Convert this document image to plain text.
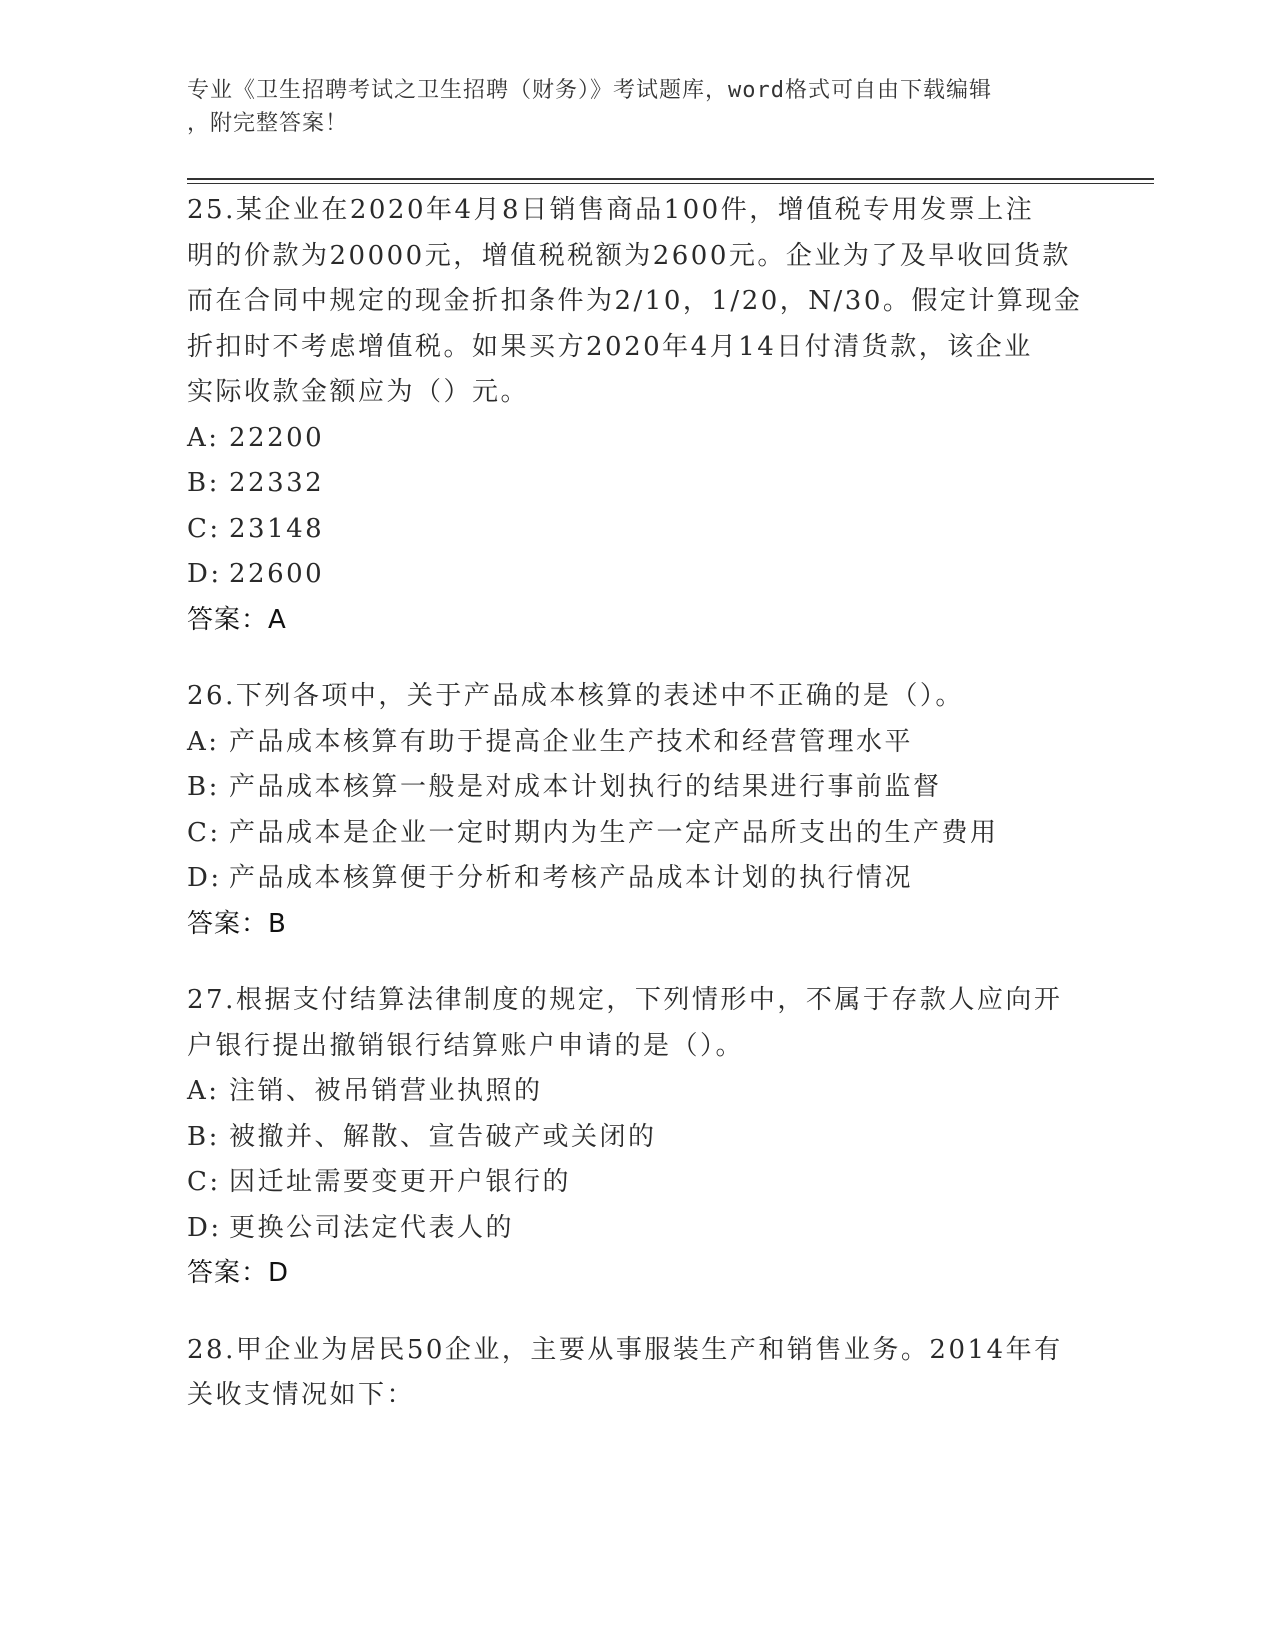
专业《卫生招聘考试之卫生招聘（财务）》考试题库，word格式可自由下载编辑
，附完整答案！
25.某企业在2020年4月8日销售商品100件，增值税专用发票上注
明的价款为20000元，增值税税额为2600元。企业为了及早收回货款
而在合同中规定的现金折扣条件为2/10，1/20，N/30。假定计算现金
折扣时不考虑增值税。如果买方2020年4月14日付清货款，该企业
实际收款金额应为（）元。
A: 22200
B: 22332
C: 23148
D: 22600
答案：A
26.下列各项中，关于产品成本核算的表述中不正确的是（）。
A: 产品成本核算有助于提高企业生产技术和经营管理水平
B: 产品成本核算一般是对成本计划执行的结果进行事前监督
C: 产品成本是企业一定时期内为生产一定产品所支出的生产费用
D: 产品成本核算便于分析和考核产品成本计划的执行情况
答案：B
27.根据支付结算法律制度的规定，下列情形中，不属于存款人应向开
户银行提出撤销银行结算账户申请的是（）。
A: 注销、被吊销营业执照的
B: 被撤并、解散、宣告破产或关闭的
C: 因迁址需要变更开户银行的
D: 更换公司法定代表人的
答案：D
28.甲企业为居民50企业，主要从事服装生产和销售业务。2014年有
关收支情况如下：
